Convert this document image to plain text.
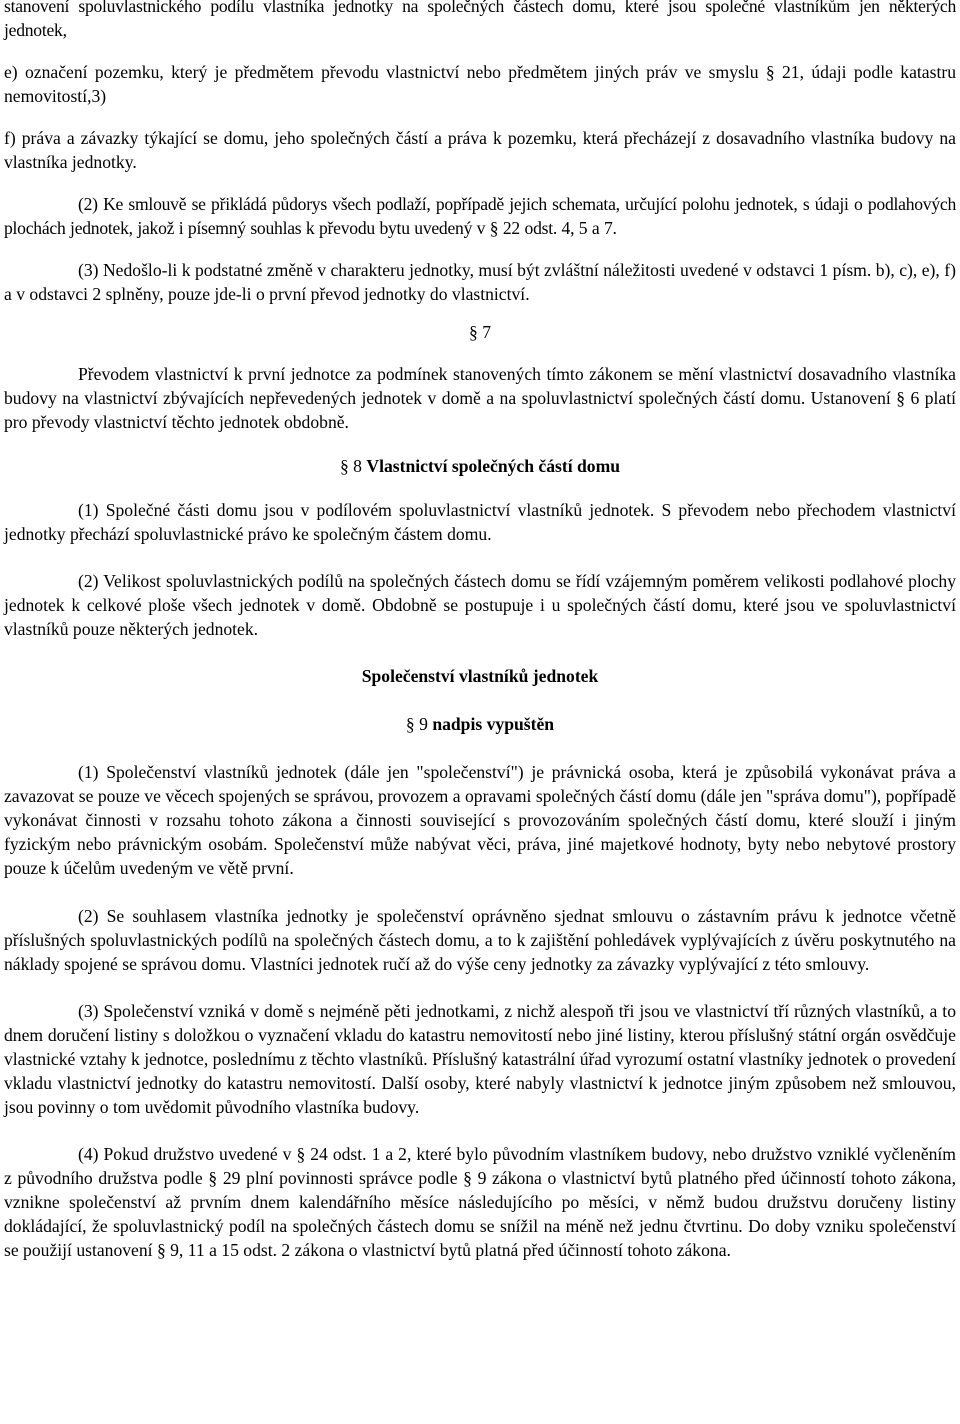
stanovení spoluvlastnického podílu vlastníka jednotky na společných částech domu, které jsou společné vlastníkům jen některých jednotek,

e) označení pozemku, který je předmětem převodu vlastnictví nebo předmětem jiných práv ve smyslu § 21, údaji podle katastru nemovitostí,3)

f) práva a závazky týkající se domu, jeho společných částí a práva k pozemku, která přecházejí z dosavadního vlastníka budovy na vlastníka jednotky.

(2) Ke smlouvě se přikládá půdorys všech podlaží, popřípadě jejich schemata, určující polohu jednotek, s údaji o podlahových plochách jednotek, jakož i písemný souhlas k převodu bytu uvedený v § 22 odst. 4, 5 a 7.

(3) Nedošlo-li k podstatné změně v charakteru jednotky, musí být zvláštní náležitosti uvedené v odstavci 1 písm. b), c), e), f) a v odstavci 2 splněny, pouze jde-li o první převod jednotky do vlastnictví.

§ 7

Převodem vlastnictví k první jednotce za podmínek stanovených tímto zákonem se mění vlastnictví dosavadního vlastníka budovy na vlastnictví zbývajících nepřevedených jednotek v domě a na spoluvlastnictví společných částí domu. Ustanovení § 6 platí pro převody vlastnictví těchto jednotek obdobně.

§ 8 Vlastnictví společných částí domu

(1) Společné části domu jsou v podílovém spoluvlastnictví vlastníků jednotek. S převodem nebo přechodem vlastnictví jednotky přechází spoluvlastnické právo ke společným částem domu.

(2) Velikost spoluvlastnických podílů na společných částech domu se řídí vzájemným poměrem velikosti podlahové plochy jednotek k celkové ploše všech jednotek v domě. Obdobně se postupuje i u společných částí domu, které jsou ve spoluvlastnictví vlastníků pouze některých jednotek.

Společenství vlastníků jednotek

§ 9 nadpis vypuštěn

(1) Společenství vlastníků jednotek (dále jen "společenství") je právnická osoba, která je způsobilá vykonávat práva a zavazovat se pouze ve věcech spojených se správou, provozem a opravami společných částí domu (dále jen "správa domu"), popřípadě vykonávat činnosti v rozsahu tohoto zákona a činnosti související s provozováním společných částí domu, které slouží i jiným fyzickým nebo právnickým osobám. Společenství může nabývat věci, práva, jiné majetkové hodnoty, byty nebo nebytové prostory pouze k účelům uvedeným ve větě první.

(2) Se souhlasem vlastníka jednotky je společenství oprávněno sjednat smlouvu o zástavním právu k jednotce včetně příslušných spoluvlastnických podílů na společných částech domu, a to k zajištění pohledávek vyplývajících z úvěru poskytnutého na náklady spojené se správou domu. Vlastníci jednotek ručí až do výše ceny jednotky za závazky vyplývající z této smlouvy.

(3) Společenství vzniká v domě s nejméně pěti jednotkami, z nichž alespoň tři jsou ve vlastnictví tří různých vlastníků, a to dnem doručení listiny s doložkou o vyznačení vkladu do katastru nemovitostí nebo jiné listiny, kterou příslušný státní orgán osvědčuje vlastnické vztahy k jednotce, poslednímu z těchto vlastníků. Příslušný katastrální úřad vyrozumí ostatní vlastníky jednotek o provedení vkladu vlastnictví jednotky do katastru nemovitostí. Další osoby, které nabyly vlastnictví k jednotce jiným způsobem než smlouvou, jsou povinny o tom uvědomit původního vlastníka budovy.

(4) Pokud družstvo uvedené v § 24 odst. 1 a 2, které bylo původním vlastníkem budovy, nebo družstvo vzniklé vyčleněním z původního družstva podle § 29 plní povinnosti správce podle § 9 zákona o vlastnictví bytů platného před účinností tohoto zákona, vznikne společenství až prvním dnem kalendářního měsíce následujícího po měsíci, v němž budou družstvu doručeny listiny dokládající, že spoluvlastnický podíl na společných částech domu se snížil na méně než jednu čtvrtinu. Do doby vzniku společenství se použijí ustanovení § 9, 11 a 15 odst. 2 zákona o vlastnictví bytů platná před účinností tohoto zákona.
